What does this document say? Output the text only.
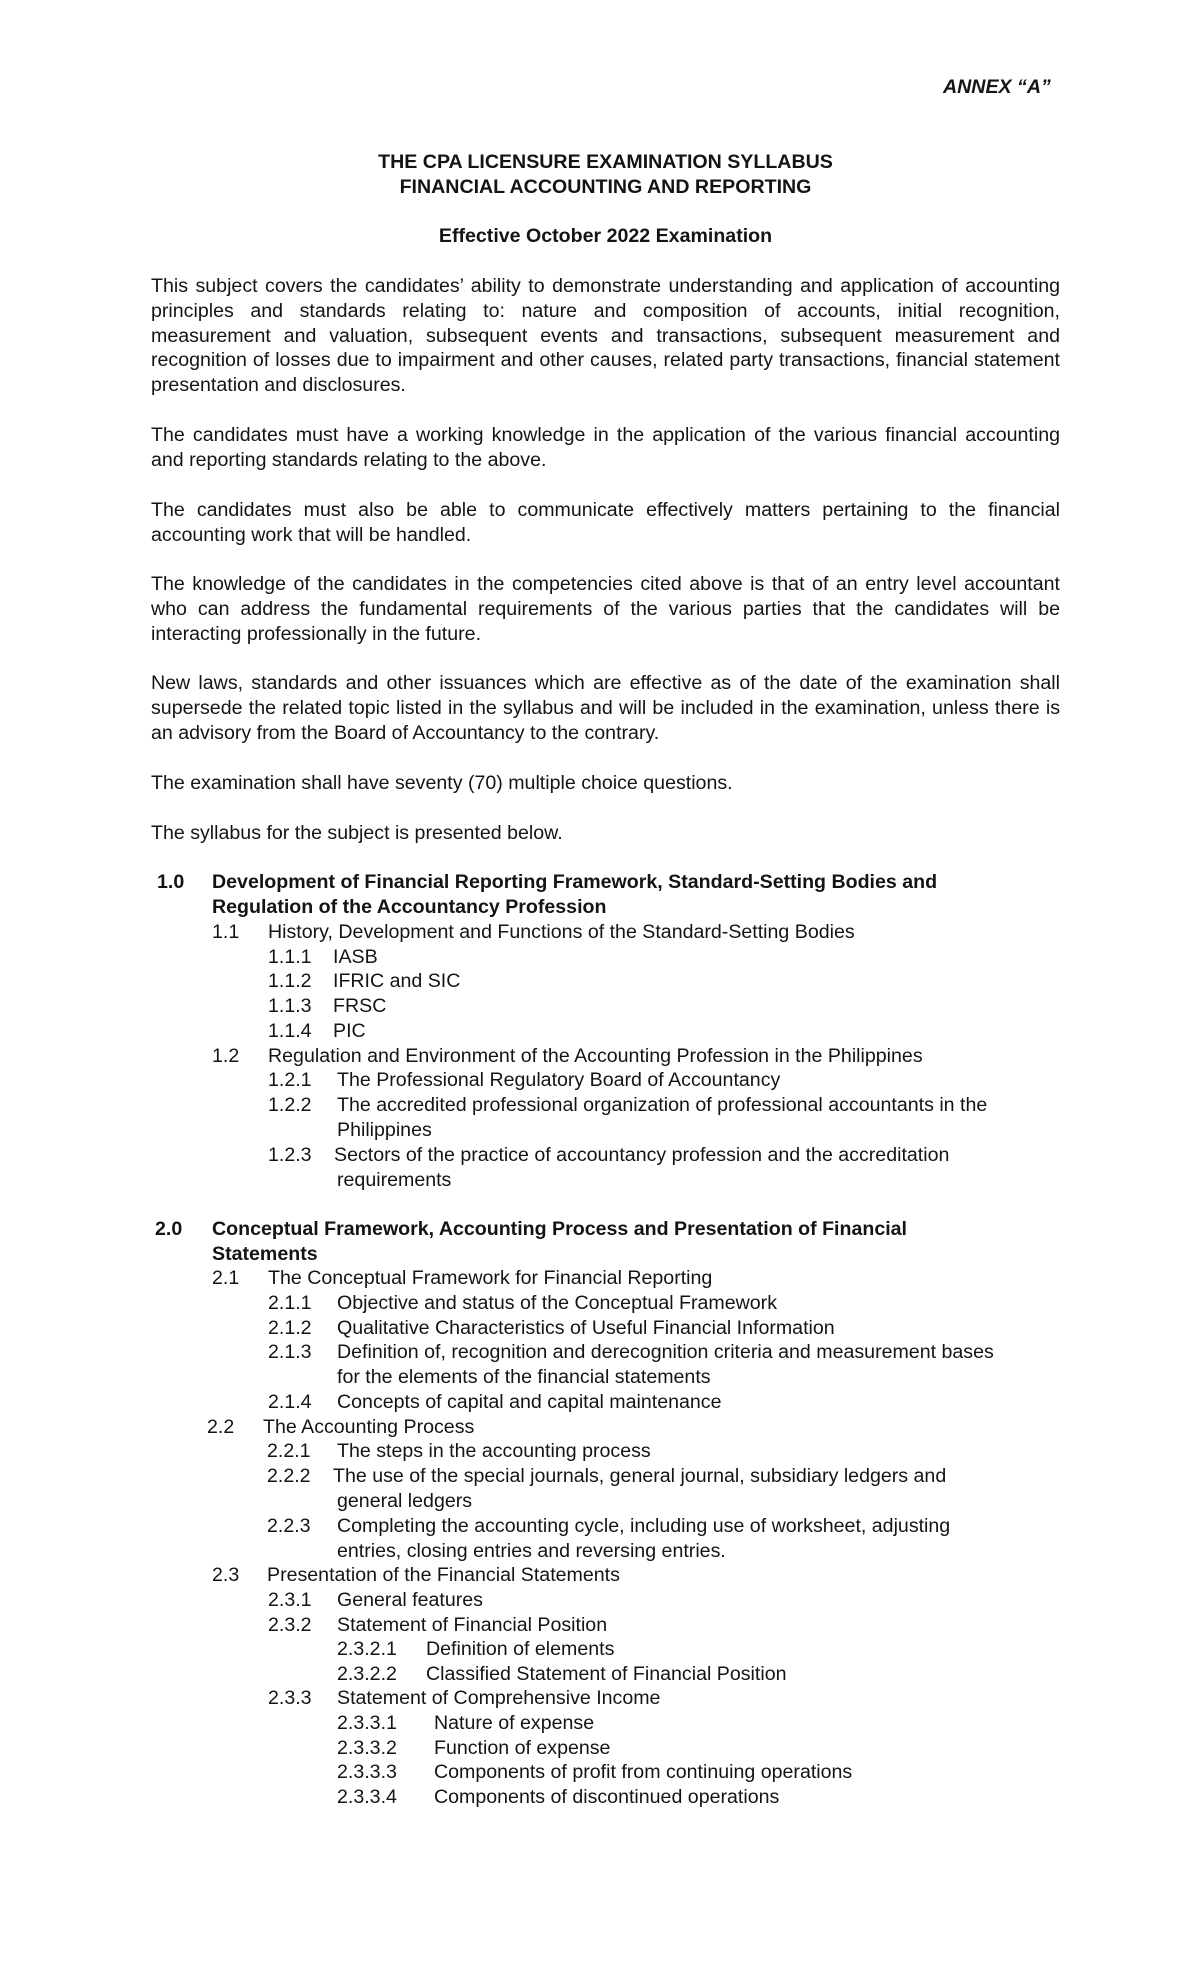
ANNEX “A”
THE CPA LICENSURE EXAMINATION SYLLABUS
FINANCIAL ACCOUNTING AND REPORTING
Effective October 2022 Examination

This subject covers the candidates’ ability to demonstrate understanding and application of accounting principles and standards relating to: nature and composition of accounts, initial recognition, measurement and valuation, subsequent events and transactions, subsequent measurement and recognition of losses due to impairment and other causes, related party transactions, financial statement presentation and disclosures.

The candidates must have a working knowledge in the application of the various financial accounting and reporting standards relating to the above.

The candidates must also be able to communicate effectively matters pertaining to the financial accounting work that will be handled.

The knowledge of the candidates in the competencies cited above is that of an entry level accountant who can address the fundamental requirements of the various parties that the candidates will be interacting professionally in the future.

New laws, standards and other issuances which are effective as of the date of the examination shall supersede the related topic listed in the syllabus and will be included in the examination, unless there is an advisory from the Board of Accountancy to the contrary.

The examination shall have seventy (70) multiple choice questions.

The syllabus for the subject is presented below.

1.0 Development of Financial Reporting Framework, Standard-Setting Bodies and
Regulation of the Accountancy Profession
1.1 History, Development and Functions of the Standard-Setting Bodies
1.1.1 IASB
1.1.2 IFRIC and SIC
1.1.3 FRSC
1.1.4 PIC
1.2 Regulation and Environment of the Accounting Profession in the Philippines
1.2.1 The Professional Regulatory Board of Accountancy
1.2.2 The accredited professional organization of professional accountants in the
Philippines
1.2.3 Sectors of the practice of accountancy profession and the accreditation
requirements
2.0 Conceptual Framework, Accounting Process and Presentation of Financial
Statements
2.1 The Conceptual Framework for Financial Reporting
2.1.1 Objective and status of the Conceptual Framework
2.1.2 Qualitative Characteristics of Useful Financial Information
2.1.3 Definition of, recognition and derecognition criteria and measurement bases
for the elements of the financial statements
2.1.4 Concepts of capital and capital maintenance
2.2 The Accounting Process
2.2.1 The steps in the accounting process
2.2.2 The use of the special journals, general journal, subsidiary ledgers and
general ledgers
2.2.3 Completing the accounting cycle, including use of worksheet, adjusting
entries, closing entries and reversing entries.
2.3 Presentation of the Financial Statements
2.3.1 General features
2.3.2 Statement of Financial Position
2.3.2.1 Definition of elements
2.3.2.2 Classified Statement of Financial Position
2.3.3 Statement of Comprehensive Income
2.3.3.1 Nature of expense
2.3.3.2 Function of expense
2.3.3.3 Components of profit from continuing operations
2.3.3.4 Components of discontinued operations
